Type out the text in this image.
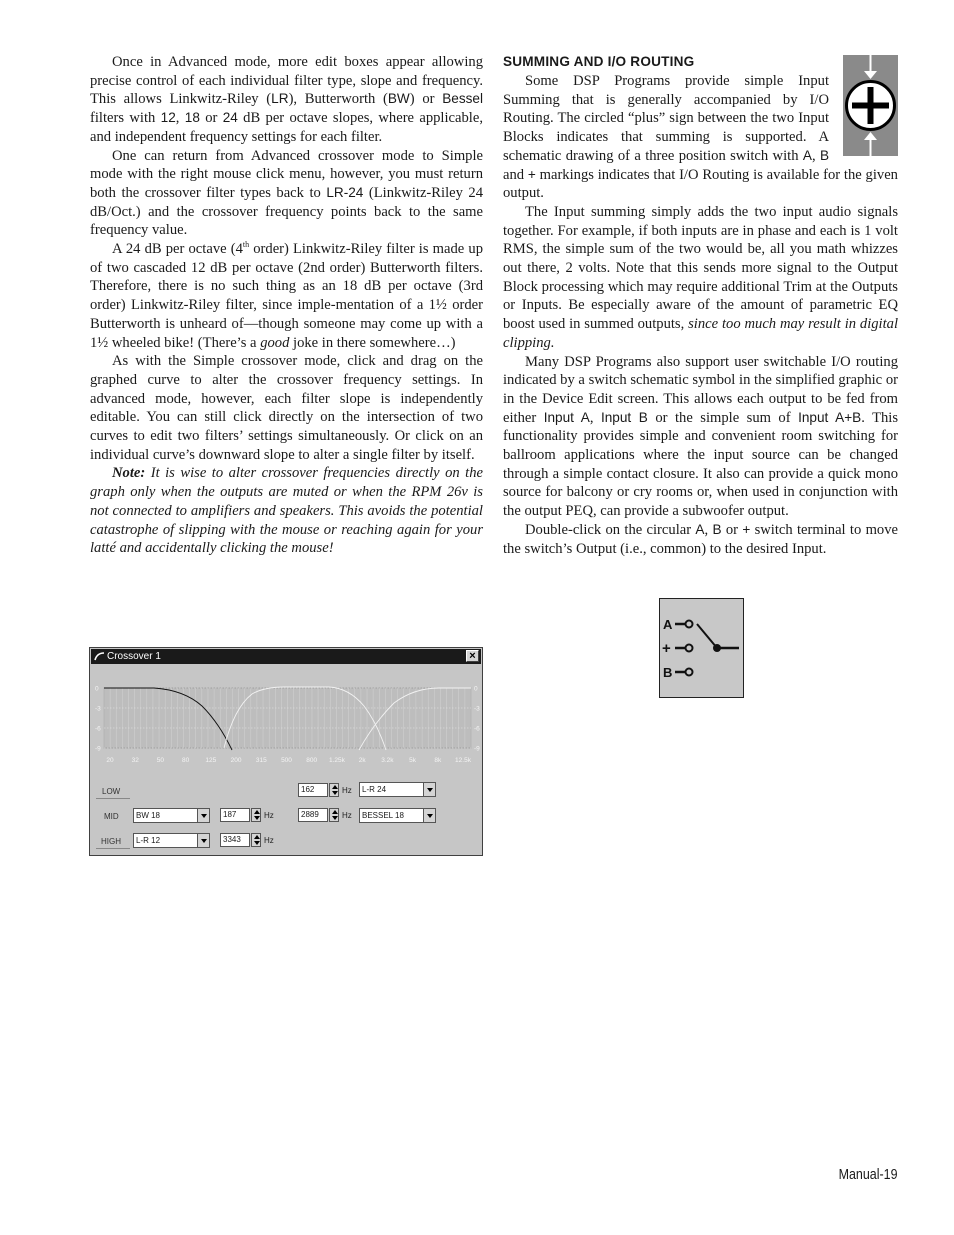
Once in Advanced mode, more edit boxes appear allowing precise control of each individual filter type, slope and frequency. This allows Linkwitz-Riley (LR), Butterworth (BW) or Bessel filters with 12, 18 or 24 dB per octave slopes, where applicable, and independent frequency settings for each filter.

One can return from Advanced crossover mode to Simple mode with the right mouse click menu, however, you must return both the crossover filter types back to LR-24 (Linkwitz-Riley 24 dB/Oct.) and the crossover frequency points back to the same frequency value.

A 24 dB per octave (4th order) Linkwitz-Riley filter is made up of two cascaded 12 dB per octave (2nd order) Butterworth filters. Therefore, there is no such thing as an 18 dB per octave (3rd order) Linkwitz-Riley filter, since imple-mentation of a 1½ order Butterworth is unheard of—though someone may come up with a 1½ wheeled bike! (There’s a good joke in there somewhere…)

As with the Simple crossover mode, click and drag on the graphed curve to alter the crossover frequency settings. In advanced mode, however, each filter slope is independently editable. You can still click directly on the intersection of two curves to edit two filters’ settings simultaneously. Or click on an individual curve’s downward slope to alter a single filter by itself.

Note: It is wise to alter crossover frequencies directly on the graph only when the outputs are muted or when the RPM 26v is not connected to amplifiers and speakers. This avoids the potential catastrophe of slipping with the mouse or reaching again for your latté and accidentally clicking the mouse!

SUMMING AND I/O ROUTING

Some DSP Programs provide simple Input Summing that is generally accompanied by I/O Routing. The circled “plus” sign between the two Input Blocks indicates that summing is supported. A schematic drawing of a three position switch with A, B and + markings indicates that I/O Routing is available for the given output.

The Input summing simply adds the two input audio signals together. For example, if both inputs are in phase and each is 1 volt RMS, the simple sum of the two would be, all you math whizzes out there, 2 volts. Note that this sends more signal to the Output Block processing which may require additional Trim at the Outputs or Inputs. Be especially aware of the amount of parametric EQ boost used in summed outputs, since too much may result in digital clipping.

Many DSP Programs also support user switchable I/O routing indicated by a switch schematic symbol in the simplified graphic or in the Device Edit screen. This allows each output to be fed from either Input A, Input B or the simple sum of Input A+B. This functionality provides simple and convenient room switching for ballroom applications where the input source can be changed through a simple contact closure. It also can provide a quick mono source for balcony or cry rooms or, when used in conjunction with the output PEQ, can provide a subwoofer output.

Double-click on the circular A, B or + switch terminal to move the switch’s Output (i.e., common) to the desired Input.

Crossover 1	×
0	0
-3	-3
-6	-6
-9	-9
20	32	50	80 125 200 315 500 800 1.25k 2k 3.2k 5k	8k 12.5k
LOW	162	Hz	L-R 24
MID	BW 18	187	Hz	2889	Hz	BESSEL 18
HIGH	L-R 12	3343	Hz
A
+
B
Manual-19
